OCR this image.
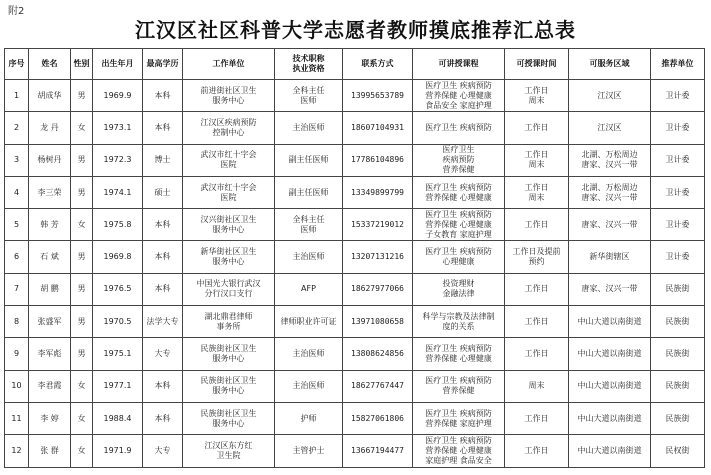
附2
江汉区社区科普大学志愿者教师摸底推荐汇总表
序号	姓名	性别	出生年月	最高学历	工作单位	技术职称
执业资格	联系方式	可讲授课程	可授课时间	可服务区域	推荐单位
1	胡成华	男	1969.9	本科	前进街社区卫生
服务中心	全科主任
医师	13995653789	医疗卫生 疾病预防
营养保健 心理健康
食品安全 家庭护理	工作日
周末	江汉区	卫计委
2	龙 丹	女	1973.1	本科	江汉区疾病预防
控制中心	主治医师	18607104931	医疗卫生 疾病预防	工作日	江汉区	卫计委
3	杨树丹	男	1972.3	博士	武汉市红十字会
医院	副主任医师	17786104896	医疗卫生
疾病预防
营养保健	工作日
周末	北湖、万松周边
唐家、汉兴一带	卫计委
4	李三荣	男	1974.1	硕士	武汉市红十字会
医院	副主任医师	13349899799	医疗卫生 疾病预防
营养保健 心理健康	工作日
周末	北湖、万松周边
唐家、汉兴一带	卫计委
5	韩 芳	女	1975.8	本科	汉兴街社区卫生
服务中心	全科主任
医师	15337219012	医疗卫生 疾病预防
营养保健 心理健康
子女教育 家庭护理	工作日	唐家、汉兴一带	卫计委
6	石 斌	男	1969.8	本科	新华街社区卫生
服务中心	主治医师	13207131216	医疗卫生 疾病预防
心理健康	工作日及提前
预约	新华街辖区	卫计委
7	胡 鹏	男	1976.5	本科	中国光大银行武汉
分行汉口支行	AFP	18627977066	投资理财
金融法律	工作日	唐家、汉兴一带	民族街
8	张盛军	男	1970.5	法学大专	湖北鼎君律师
事务所	律师职业许可证	13971080658	科学与宗教及法律制
度的关系	工作日	中山大道以南街道	民族街
9	李军彪	男	1975.1	大专	民族街社区卫生
服务中心	主治医师	13808624856	医疗卫生 疾病预防
营养保健 心理健康	工作日	中山大道以南街道	民族街
10	李君霞	女	1977.1	本科	民族街社区卫生
服务中心	主治医师	18627767447	医疗卫生 疾病预防
营养保健	周末	中山大道以南街道	民族街
11	李 婷	女	1988.4	本科	民族街社区卫生
服务中心	护师	15827061806	医疗卫生 疾病预防
营养保健 家庭护理	工作日	中山大道以南街道	民族街
12	张 群	女	1971.9	大专	江汉区东方红
卫生院	主管护士	13667194477	医疗卫生 疾病预防
营养保健 心理健康
家庭护理 食品安全	工作日	中山大道以南街道	民权街
